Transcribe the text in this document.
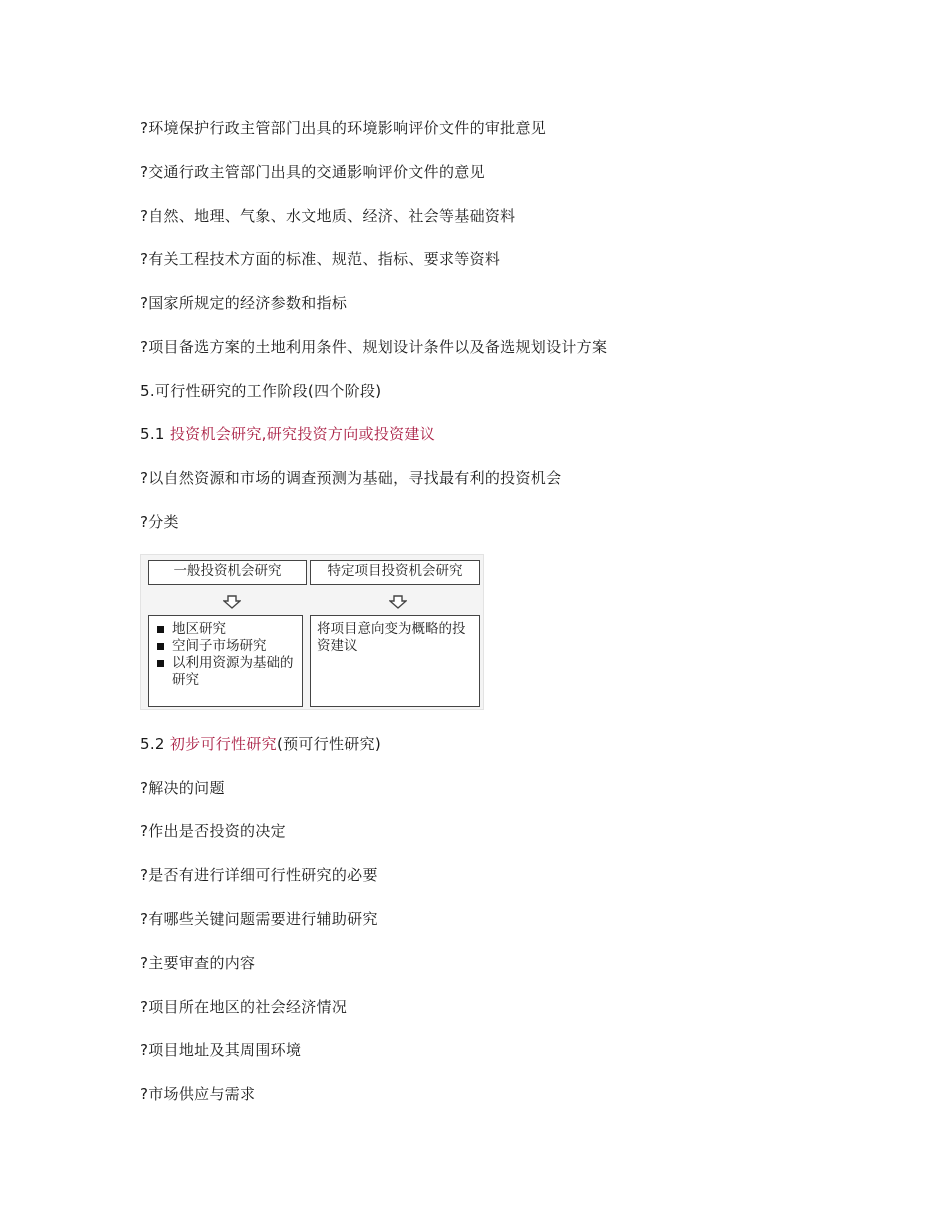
?环境保护行政主管部门出具的环境影响评价文件的审批意见
?交通行政主管部门出具的交通影响评价文件的意见
?自然、地理、气象、水文地质、经济、社会等基础资料
?有关工程技术方面的标准、规范、指标、要求等资料
?国家所规定的经济参数和指标
?项目备选方案的土地利用条件、规划设计条件以及备选规划设计方案
5.可行性研究的工作阶段(四个阶段)
5.1 投资机会研究,研究投资方向或投资建议
?以自然资源和市场的调查预测为基础，寻找最有利的投资机会
?分类
一般投资机会研究	特定项目投资机会研究
地区研究
空间子市场研究
以利用资源为基础的
研究
将项目意向变为概略的投
资建议
5.2 初步可行性研究(预可行性研究)
?解决的问题
?作出是否投资的决定
?是否有进行详细可行性研究的必要
?有哪些关键问题需要进行辅助研究
?主要审查的内容
?项目所在地区的社会经济情况
?项目地址及其周围环境
?市场供应与需求
